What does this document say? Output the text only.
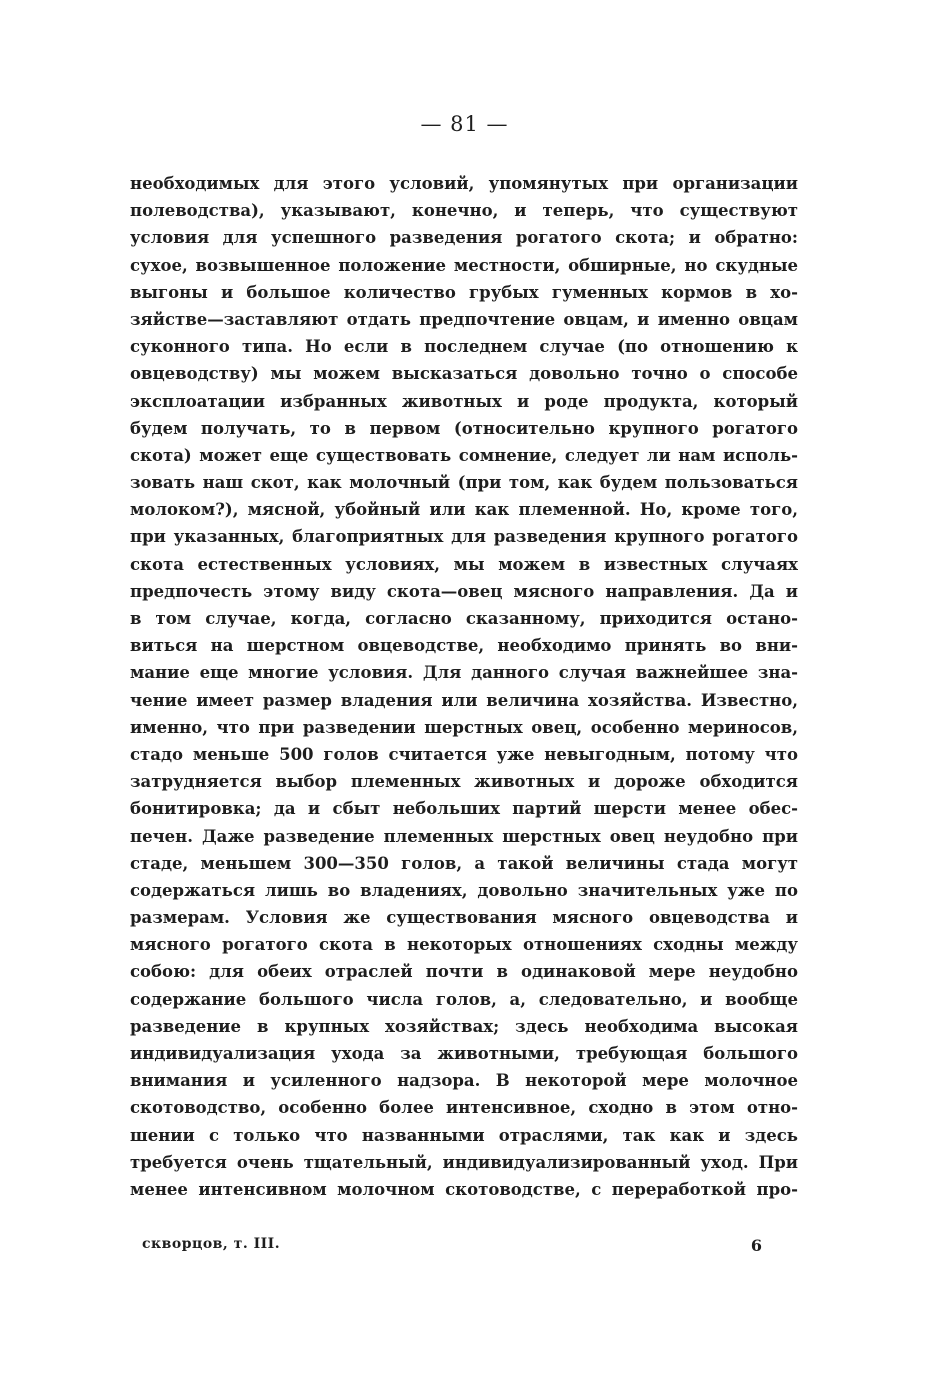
— 81 —
необходимых для этого условий, упомянутых при организации
полеводства), указывают, конечно, и теперь, что существуют
условия для успешного разведения рогатого скота; и обратно:
сухое, возвышенное положение местности, обширные, но скудные
выгоны и большое количество грубых гуменных кормов в хо-
зяйстве—заставляют отдать предпочтение овцам, и именно овцам
суконного типа. Но если в последнем случае (по отношению к
овцеводству) мы можем высказаться довольно точно о способе
эксплоатации избранных животных и роде продукта, который
будем получать, то в первом (относительно крупного рогатого
скота) может еще существовать сомнение, следует ли нам исполь-
зовать наш скот, как молочный (при том, как будем пользоваться
молоком?), мясной, убойный или как племенной. Но, кроме того,
при указанных, благоприятных для разведения крупного рогатого
скота естественных условиях, мы можем в известных случаях
предпочесть этому виду скота—овец мясного направления. Да и
в том случае, когда, согласно сказанному, приходится остано-
виться на шерстном овцеводстве, необходимо принять во вни-
мание еще многие условия. Для данного случая важнейшее зна-
чение имеет размер владения или величина хозяйства. Известно,
именно, что при разведении шерстных овец, особенно мериносов,
стадо меньше 500 голов считается уже невыгодным, потому что
затрудняется выбор племенных животных и дороже обходится
бонитировка; да и сбыт небольших партий шерсти менее обес-
печен. Даже разведение племенных шерстных овец неудобно при
стаде, меньшем 300—350 голов, а такой величины стада могут
содержаться лишь во владениях, довольно значительных уже по
размерам. Условия же существования мясного овцеводства и
мясного рогатого скота в некоторых отношениях сходны между
собою: для обеих отраслей почти в одинаковой мере неудобно
содержание большого числа голов, а, следовательно, и вообще
разведение в крупных хозяйствах; здесь необходима высокая
индивидуализация ухода за животными, требующая большого
внимания и усиленного надзора. В некоторой мере молочное
скотоводство, особенно более интенсивное, сходно в этом отно-
шении с только что названными отраслями, так как и здесь
требуется очень тщательный, индивидуализированный уход. При
менее интенсивном молочном скотоводстве, с переработкой про-
скворцов, т. III.	6
